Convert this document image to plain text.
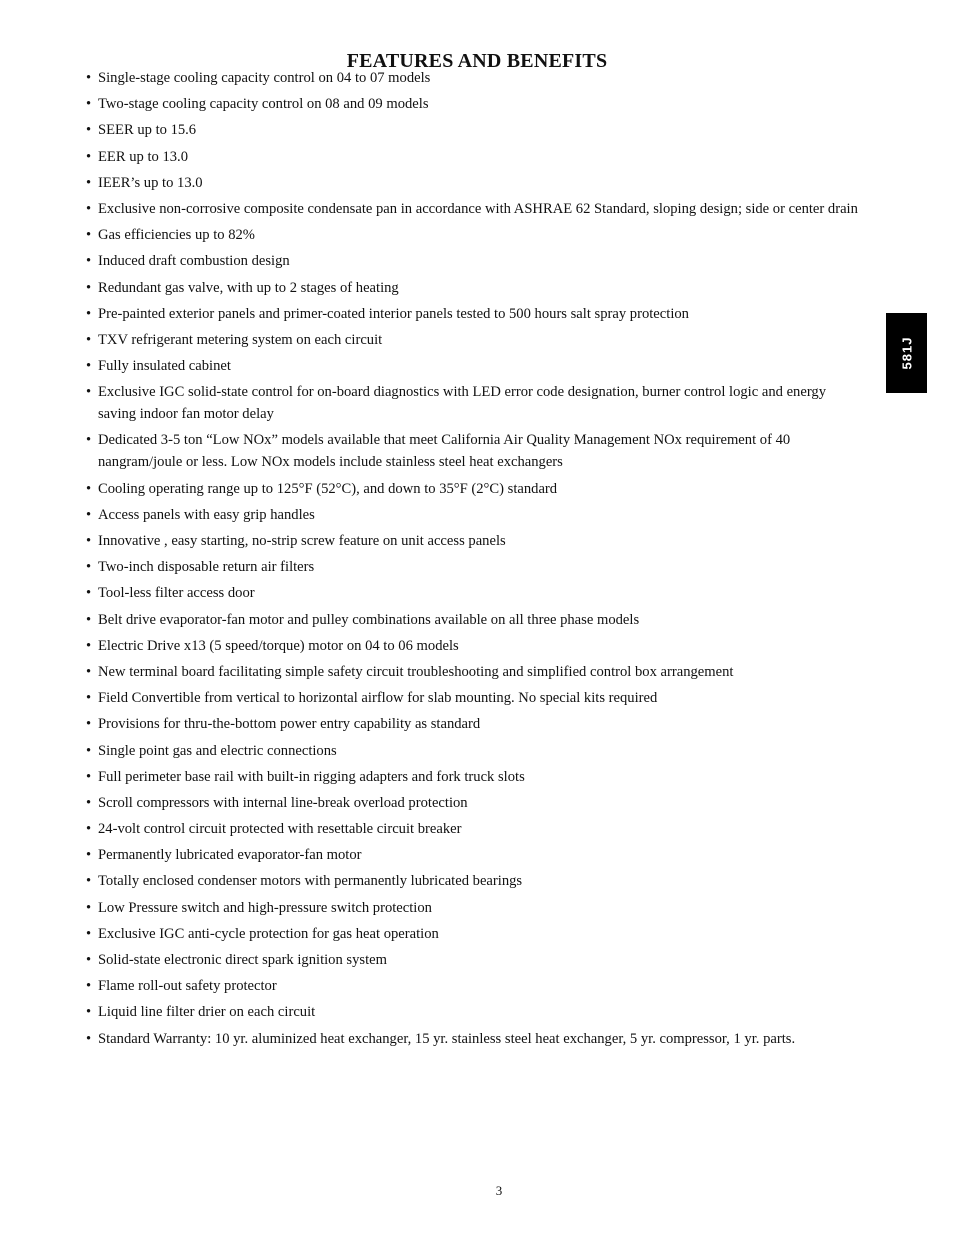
FEATURES AND BENEFITS
• Single-stage cooling capacity control on 04 to 07 models
• Two-stage cooling capacity control on 08 and 09 models
• SEER up to 15.6
• EER up to 13.0
• IEER’s up to 13.0
• Exclusive non-corrosive composite condensate pan in accordance with ASHRAE 62 Standard, sloping design; side or center drain
• Gas efficiencies up to 82%
• Induced draft combustion design
• Redundant gas valve, with up to 2 stages of heating
• Pre-painted exterior panels and primer-coated interior panels tested to 500 hours salt spray protection
• TXV refrigerant metering system on each circuit
• Fully insulated cabinet
• Exclusive IGC solid-state control for on-board diagnostics with LED error code designation, burner control logic and energy saving indoor fan motor delay
• Dedicated 3-5 ton “Low NOx” models available that meet California Air Quality Management NOx requirement of 40 nangram/joule or less. Low NOx models include stainless steel heat exchangers
• Cooling operating range up to 125°F (52°C), and down to 35°F (2°C) standard
• Access panels with easy grip handles
• Innovative , easy starting, no-strip screw feature on unit access panels
• Two-inch disposable return air filters
• Tool-less filter access door
• Belt drive evaporator-fan motor and pulley combinations available on all three phase models
• Electric Drive x13 (5 speed/torque) motor on 04 to 06 models
• New terminal board facilitating simple safety circuit troubleshooting and simplified control box arrangement
• Field Convertible from vertical to horizontal airflow for slab mounting. No special kits required
• Provisions for thru-the-bottom power entry capability as standard
• Single point gas and electric connections
• Full perimeter base rail with built-in rigging adapters and fork truck slots
• Scroll compressors with internal line-break overload protection
• 24-volt control circuit protected with resettable circuit breaker
• Permanently lubricated evaporator-fan motor
• Totally enclosed condenser motors with permanently lubricated bearings
• Low Pressure switch and high-pressure switch protection
• Exclusive IGC anti-cycle protection for gas heat operation
• Solid-state electronic direct spark ignition system
• Flame roll-out safety protector
• Liquid line filter drier on each circuit
• Standard Warranty: 10 yr. aluminized heat exchanger, 15 yr. stainless steel heat exchanger, 5 yr. compressor, 1 yr. parts.
581J
3
